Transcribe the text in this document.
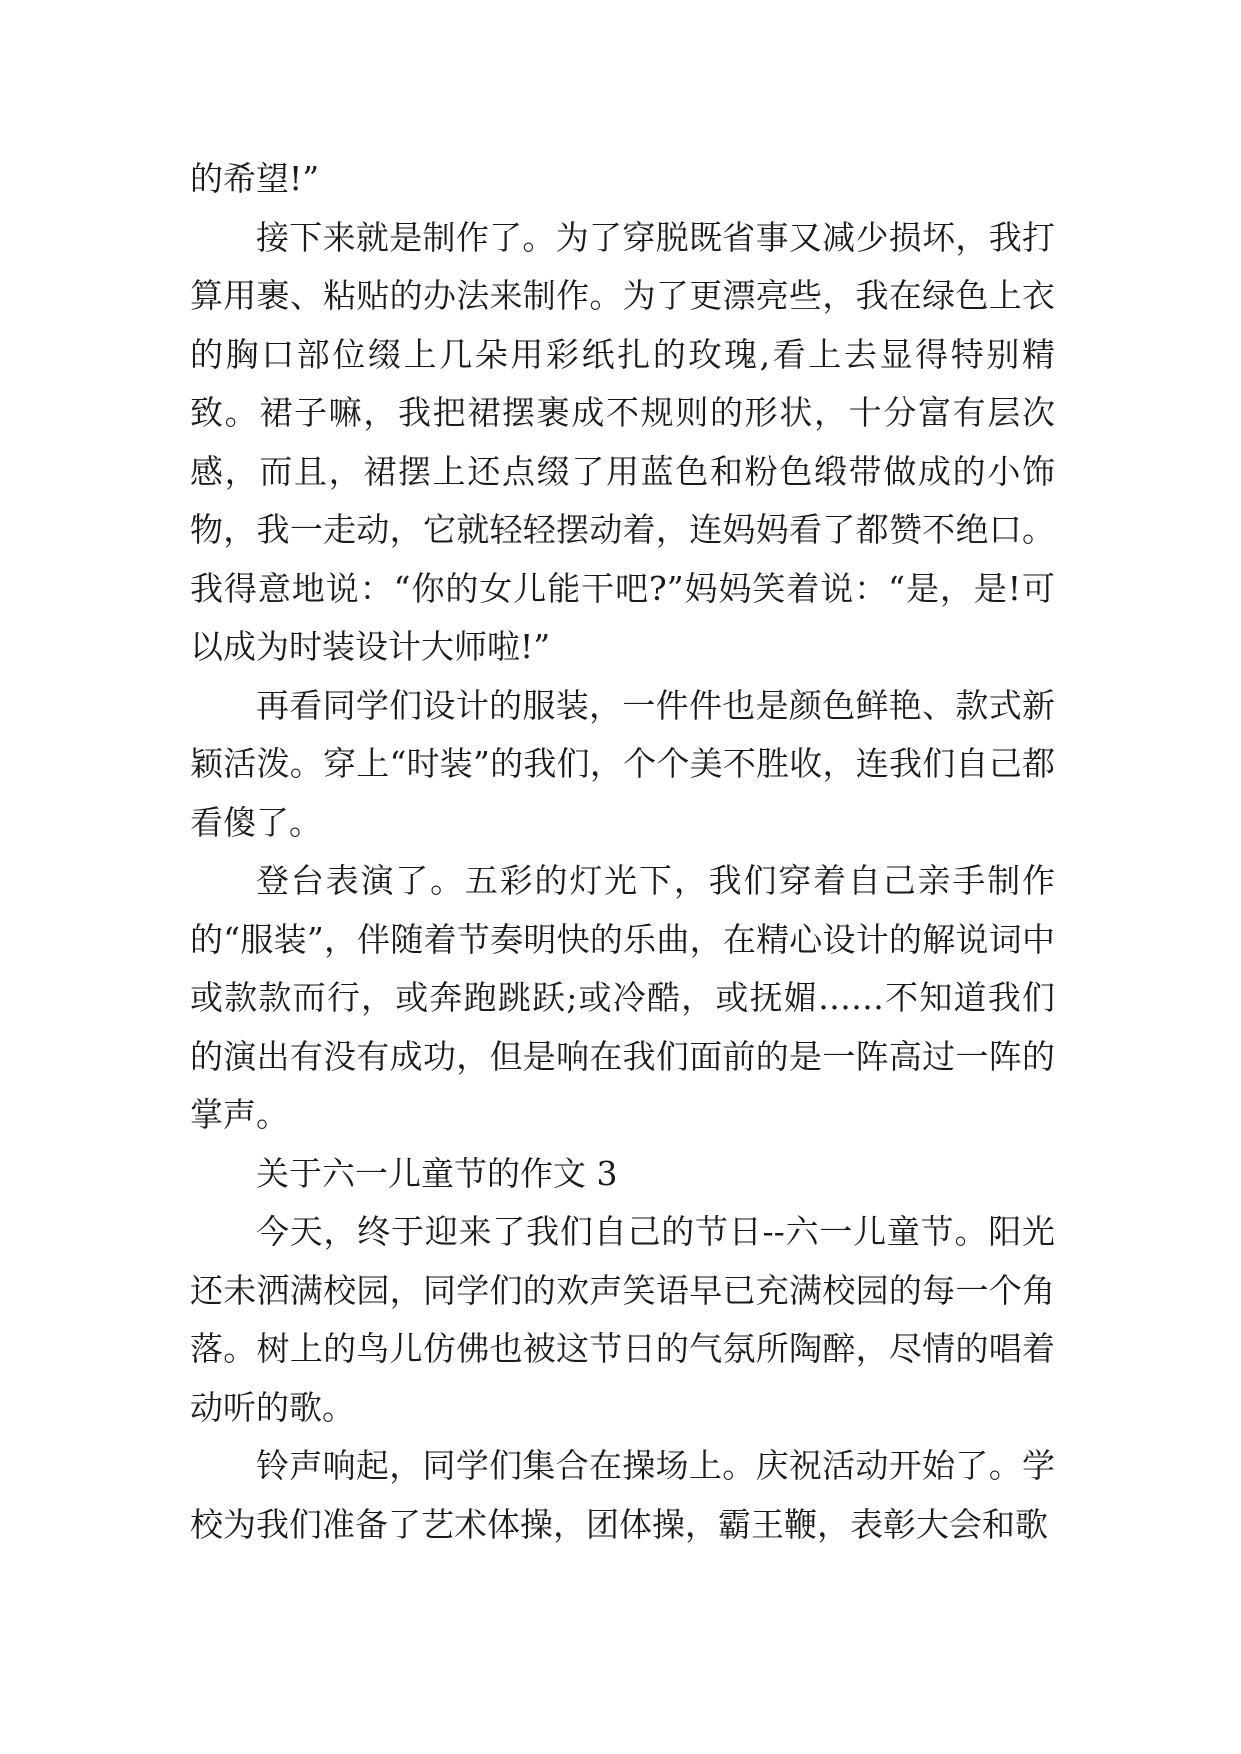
的希望!”

接下来就是制作了。为了穿脱既省事又减少损坏，我打算用裹、粘贴的办法来制作。为了更漂亮些，我在绿色上衣的胸口部位缀上几朵用彩纸扎的玫瑰,看上去显得特别精致。裙子嘛，我把裙摆裹成不规则的形状，十分富有层次感，而且，裙摆上还点缀了用蓝色和粉色缎带做成的小饰物，我一走动，它就轻轻摆动着，连妈妈看了都赞不绝口。我得意地说：“你的女儿能干吧?”妈妈笑着说：“是，是!可以成为时装设计大师啦!”

再看同学们设计的服装，一件件也是颜色鲜艳、款式新颖活泼。穿上“时装”的我们，个个美不胜收，连我们自己都看傻了。

登台表演了。五彩的灯光下，我们穿着自己亲手制作的“服装”，伴随着节奏明快的乐曲，在精心设计的解说词中或款款而行，或奔跑跳跃;或冷酷，或抚媚……不知道我们的演出有没有成功，但是响在我们面前的是一阵高过一阵的掌声。

关于六一儿童节的作文 3

今天，终于迎来了我们自己的节日--六一儿童节。阳光还未洒满校园，同学们的欢声笑语早已充满校园的每一个角落。树上的鸟儿仿佛也被这节日的气氛所陶醉，尽情的唱着动听的歌。

铃声响起，同学们集合在操场上。庆祝活动开始了。学校为我们准备了艺术体操，团体操，霸王鞭，表彰大会和歌
